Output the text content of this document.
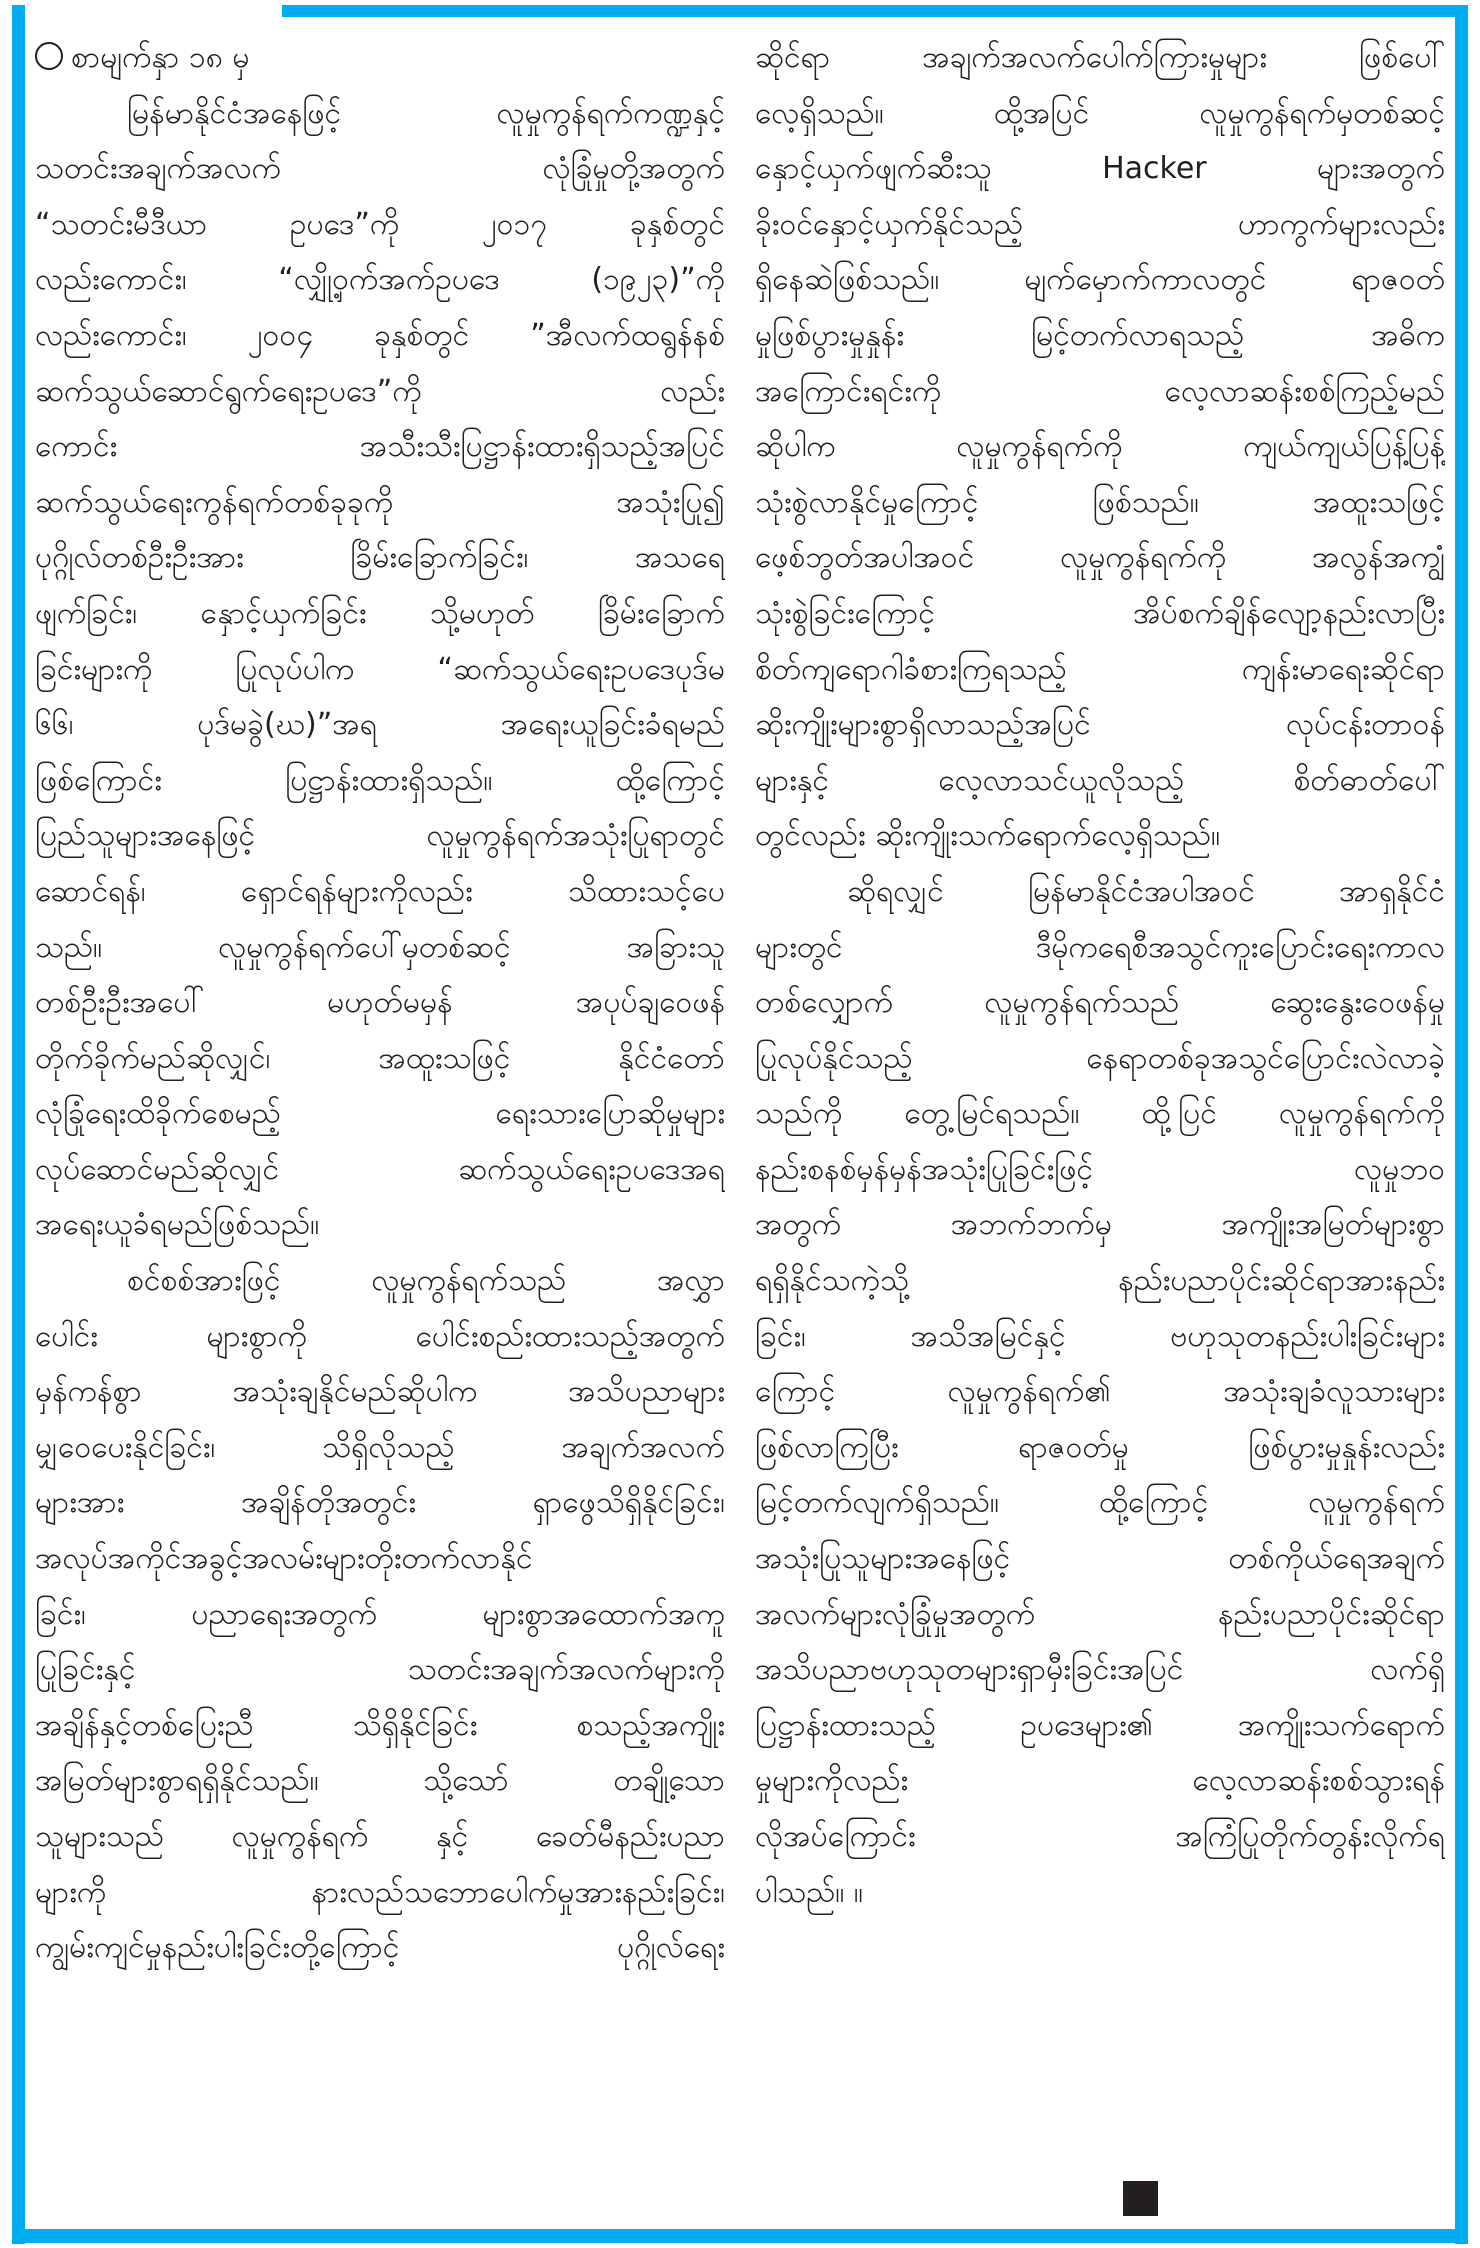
စာမျက်နှာ ၁၈ မှ
မြန်မာနိုင်ငံအနေဖြင့် လူမှုကွန်ရက်ကဏ္ဍနှင့်
သတင်းအချက်အလက် လုံခြုံမှုတို့အတွက်
“သတင်းမီဒီယာ ဥပဒေ”ကို ၂၀၁၇ ခုနှစ်တွင်
လည်းကောင်း၊ “လျှို့ဝှက်အက်ဥပဒေ (၁၉၂၃)”ကို
လည်းကောင်း၊ ၂၀၀၄ ခုနှစ်တွင် ”အီလက်ထရွန်နစ်
ဆက်သွယ်ဆောင်ရွက်ရေးဥပဒေ”ကို လည်း
ကောင်း အသီးသီးပြဋ္ဌာန်းထားရှိသည့်အပြင်
ဆက်သွယ်ရေးကွန်ရက်တစ်ခုခုကို အသုံးပြု၍
ပုဂ္ဂိုလ်တစ်ဦးဦးအား ခြိမ်းခြောက်ခြင်း၊ အသရေ
ဖျက်ခြင်း၊ နှောင့်ယှက်ခြင်း သို့မဟုတ် ခြိမ်းခြောက်
ခြင်းများကို ပြုလုပ်ပါက “ဆက်သွယ်ရေးဥပဒေပုဒ်မ
၆၆၊ ပုဒ်မခွဲ(ဃ)”အရ အရေးယူခြင်းခံရမည်
ဖြစ်ကြောင်း ပြဋ္ဌာန်းထားရှိသည်။ ထို့ကြောင့်
ပြည်သူများအနေဖြင့် လူမှုကွန်ရက်အသုံးပြုရာတွင်
ဆောင်ရန်၊ ရှောင်ရန်များကိုလည်း သိထားသင့်ပေ
သည်။ လူမှုကွန်ရက်ပေါ်မှတစ်ဆင့် အခြားသူ
တစ်ဦးဦးအပေါ် မဟုတ်မမှန် အပုပ်ချဝေဖန်
တိုက်ခိုက်မည်ဆိုလျှင်၊ အထူးသဖြင့် နိုင်ငံတော်
လုံခြုံရေးထိခိုက်စေမည့် ရေးသားပြောဆိုမှုများ
လုပ်ဆောင်မည်ဆိုလျှင် ဆက်သွယ်ရေးဥပဒေအရ
အရေးယူခံရမည်ဖြစ်သည်။
စင်စစ်အားဖြင့် လူမှုကွန်ရက်သည် အလွှာ
ပေါင်း များစွာကို ပေါင်းစည်းထားသည့်အတွက်
မှန်ကန်စွာ အသုံးချနိုင်မည်ဆိုပါက အသိပညာများ
မျှဝေပေးနိုင်ခြင်း၊ သိရှိလိုသည့် အချက်အလက်
များအား အချိန်တိုအတွင်း ရှာဖွေသိရှိနိုင်ခြင်း၊
အလုပ်အကိုင်အခွင့်အလမ်းများတိုးတက်လာနိုင်
ခြင်း၊ ပညာရေးအတွက် များစွာအထောက်အကူ
ပြုခြင်းနှင့် သတင်းအချက်အလက်များကို
အချိန်နှင့်တစ်ပြေးညီ သိရှိနိုင်ခြင်း စသည့်အကျိုး
အမြတ်များစွာရရှိနိုင်သည်။ သို့သော် တချို့သော
သူများသည် လူမှုကွန်ရက် နှင့် ခေတ်မီနည်းပညာ
များကို နားလည်သဘောပေါက်မှုအားနည်းခြင်း၊
ကျွမ်းကျင်မှုနည်းပါးခြင်းတို့ကြောင့် ပုဂ္ဂိုလ်ရေး
ဆိုင်ရာ အချက်အလက်ပေါက်ကြားမှုများ ဖြစ်ပေါ်
လေ့ရှိသည်။ ထို့အပြင် လူမှုကွန်ရက်မှတစ်ဆင့်
နှောင့်ယှက်ဖျက်ဆီးသူ Hacker များအတွက်
ခိုးဝင်နှောင့်ယှက်နိုင်သည့် ဟာကွက်များလည်း
ရှိနေဆဲဖြစ်သည်။ မျက်မှောက်ကာလတွင် ရာဇဝတ်
မှုဖြစ်ပွားမှုနှုန်း မြင့်တက်လာရသည့် အဓိက
အကြောင်းရင်းကို လေ့လာဆန်းစစ်ကြည့်မည်
ဆိုပါက လူမှုကွန်ရက်ကို ကျယ်ကျယ်ပြန့်ပြန့်
သုံးစွဲလာနိုင်မှုကြောင့် ဖြစ်သည်။ အထူးသဖြင့်
ဖေ့စ်ဘွတ်အပါအဝင် လူမှုကွန်ရက်ကို အလွန်အကျွံ
သုံးစွဲခြင်းကြောင့် အိပ်စက်ချိန်လျော့နည်းလာပြီး
စိတ်ကျရောဂါခံစားကြရသည့် ကျန်းမာရေးဆိုင်ရာ
ဆိုးကျိုးများစွာရှိလာသည့်အပြင် လုပ်ငန်းတာဝန်
များနှင့် လေ့လာသင်ယူလိုသည့် စိတ်ဓာတ်ပေါ်
တွင်လည်း ဆိုးကျိုးသက်ရောက်လေ့ရှိသည်။
ဆိုရလျှင် မြန်မာနိုင်ငံအပါအဝင် အာရှနိုင်ငံ
များတွင် ဒီမိုကရေစီအသွင်ကူးပြောင်းရေးကာလ
တစ်လျှောက် လူမှုကွန်ရက်သည် ဆွေးနွေးဝေဖန်မှု
ပြုလုပ်နိုင်သည့် နေရာတစ်ခုအသွင်ပြောင်းလဲလာခဲ့
သည်ကို တွေ့မြင်ရသည်။ ထို့ပြင် လူမှုကွန်ရက်ကို
နည်းစနစ်မှန်မှန်အသုံးပြုခြင်းဖြင့် လူမှုဘဝ
အတွက် အဘက်ဘက်မှ အကျိုးအမြတ်များစွာ
ရရှိနိုင်သကဲ့သို့ နည်းပညာပိုင်းဆိုင်ရာအားနည်း
ခြင်း၊ အသိအမြင်နှင့် ဗဟုသုတနည်းပါးခြင်းများ
ကြောင့် လူမှုကွန်ရက်၏ အသုံးချခံလူသားများ
ဖြစ်လာကြပြီး ရာဇဝတ်မှု ဖြစ်ပွားမှုနှုန်းလည်း
မြင့်တက်လျက်ရှိသည်။ ထို့ကြောင့် လူမှုကွန်ရက်
အသုံးပြုသူများအနေဖြင့် တစ်ကိုယ်ရေအချက်
အလက်များလုံခြုံမှုအတွက် နည်းပညာပိုင်းဆိုင်ရာ
အသိပညာဗဟုသုတများရှာမှီးခြင်းအပြင် လက်ရှိ
ပြဋ္ဌာန်းထားသည့် ဥပဒေများ၏ အကျိုးသက်ရောက်
မှုများကိုလည်း လေ့လာဆန်းစစ်သွားရန်
လိုအပ်ကြောင်း အကြံပြုတိုက်တွန်းလိုက်ရ
ပါသည်။ ။
